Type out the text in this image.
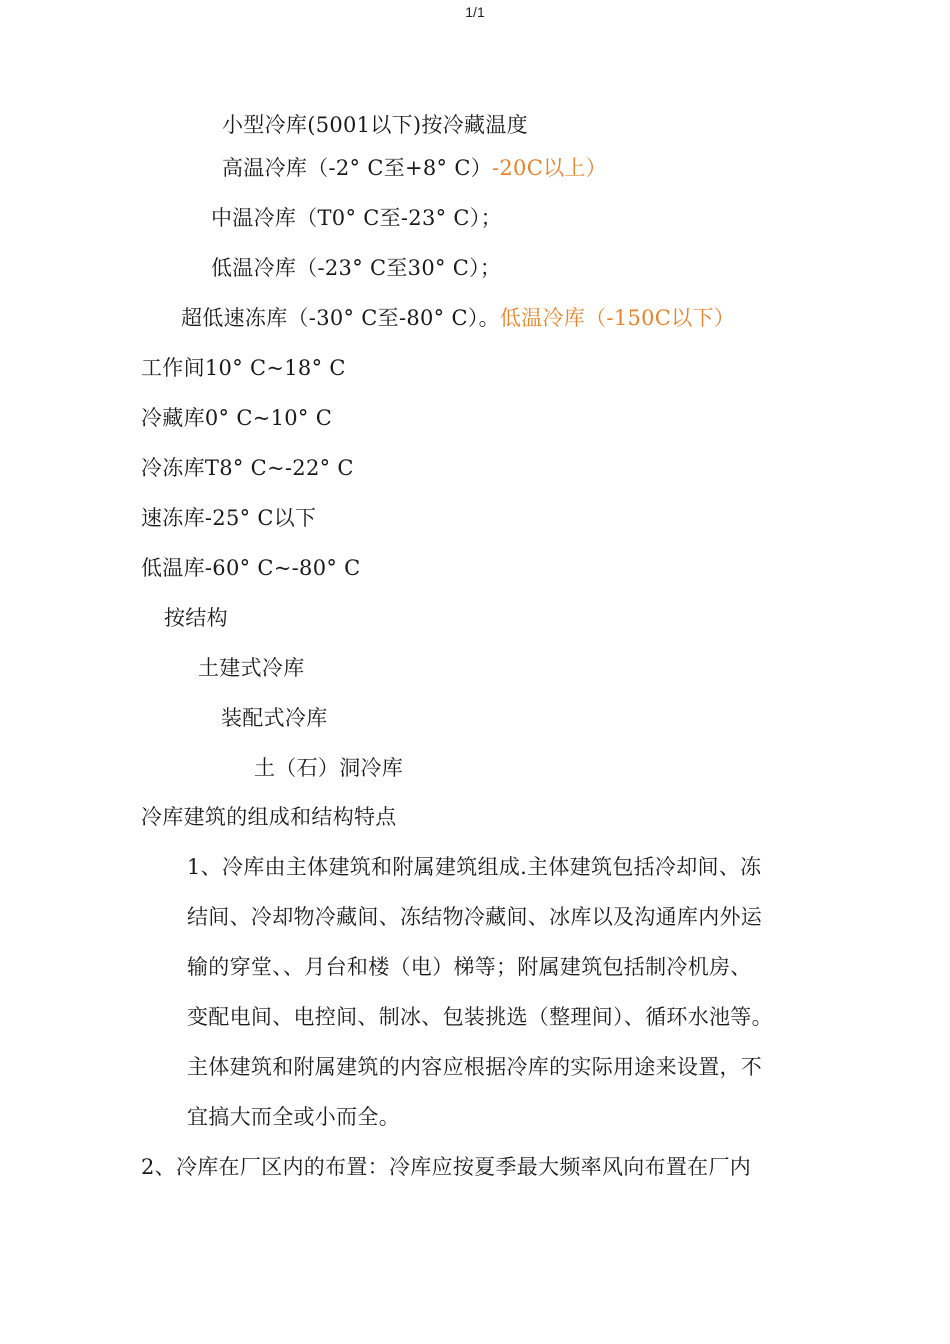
1/1
小型冷库(5001以下)按冷藏温度
高温冷库（-2° C至+8° C）-20C以上）
中温冷库（T0° C至-23° C）；
低温冷库（-23° C至30° C）；
超低速冻库（-30° C至-80° C）。低温冷库（-150C以下）
工作间10° C~18° C
冷藏库0° C~10° C
冷冻库T8° C~-22° C
速冻库-25° C以下
低温库-60° C~-80° C
按结构
土建式冷库
装配式冷库
土（石）洞冷库
冷库建筑的组成和结构特点
1、冷库由主体建筑和附属建筑组成.主体建筑包括冷却间、冻
结间、冷却物冷藏间、冻结物冷藏间、冰库以及沟通库内外运
输的穿堂、、月台和楼（电）梯等；附属建筑包括制冷机房、
变配电间、电控间、制冰、包装挑选（整理间）、循环水池等。
主体建筑和附属建筑的内容应根据冷库的实际用途来设置，不
宜搞大而全或小而全。
2、冷库在厂区内的布置：冷库应按夏季最大频率风向布置在厂内
